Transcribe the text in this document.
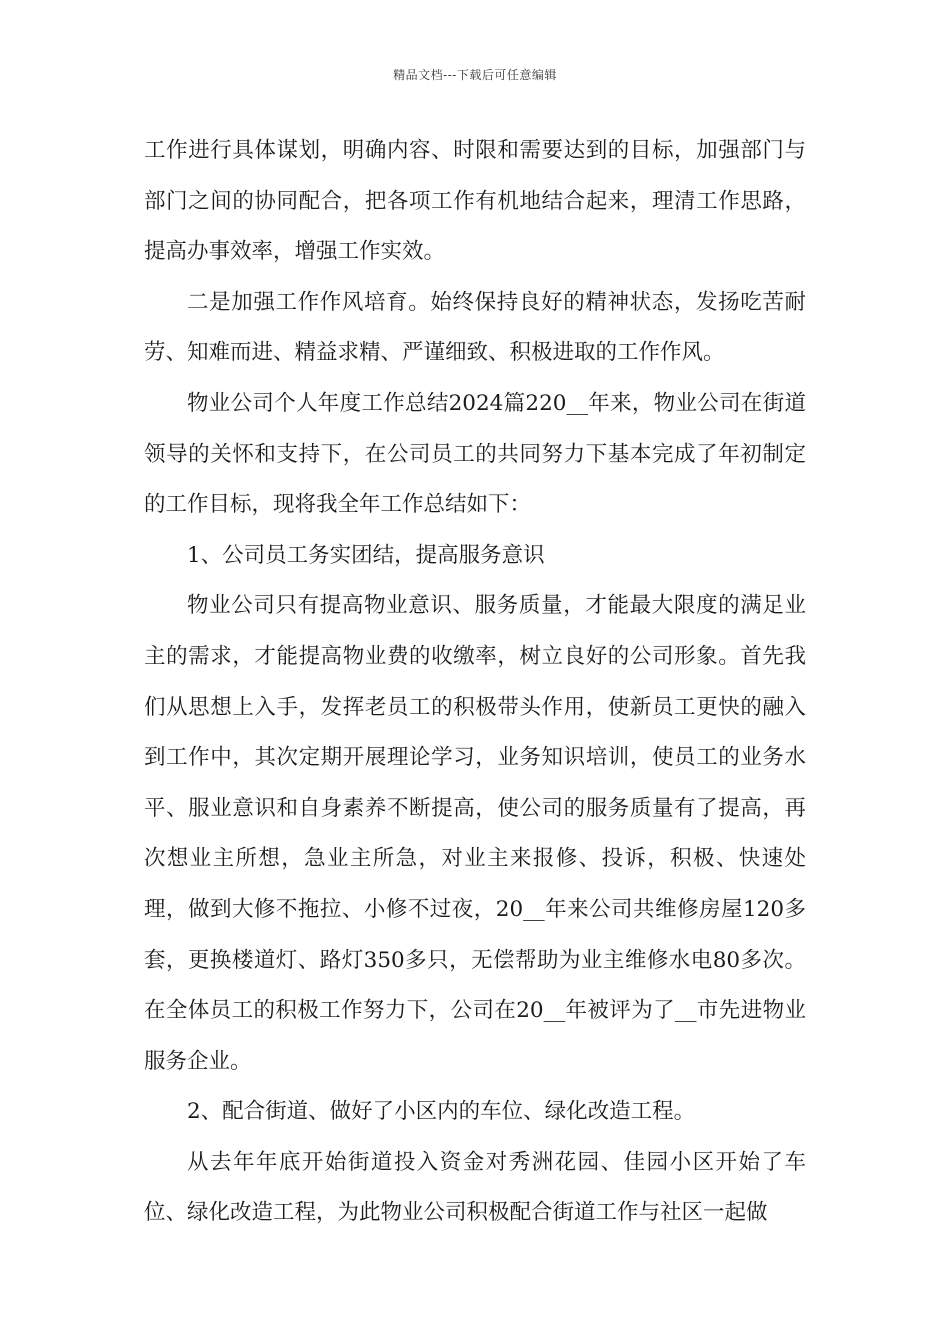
精品文档---下载后可任意编辑

工作进行具体谋划，明确内容、时限和需要达到的目标，加强部门与部门之间的协同配合，把各项工作有机地结合起来，理清工作思路，提高办事效率，增强工作实效。

二是加强工作作风培育。始终保持良好的精神状态，发扬吃苦耐劳、知难而进、精益求精、严谨细致、积极进取的工作作风。

物业公司个人年度工作总结2024篇220__年来，物业公司在街道领导的关怀和支持下，在公司员工的共同努力下基本完成了年初制定的工作目标，现将我全年工作总结如下：

1、公司员工务实团结，提高服务意识

物业公司只有提高物业意识、服务质量，才能最大限度的满足业主的需求，才能提高物业费的收缴率，树立良好的公司形象。首先我们从思想上入手，发挥老员工的积极带头作用，使新员工更快的融入到工作中，其次定期开展理论学习，业务知识培训，使员工的业务水平、服业意识和自身素养不断提高，使公司的服务质量有了提高，再次想业主所想，急业主所急，对业主来报修、投诉，积极、快速处理，做到大修不拖拉、小修不过夜，20__年来公司共维修房屋120多套，更换楼道灯、路灯350多只，无偿帮助为业主维修水电80多次。在全体员工的积极工作努力下，公司在20__年被评为了__市先进物业服务企业。

2、配合街道、做好了小区内的车位、绿化改造工程。

从去年年底开始街道投入资金对秀洲花园、佳园小区开始了车位、绿化改造工程，为此物业公司积极配合街道工作与社区一起做
